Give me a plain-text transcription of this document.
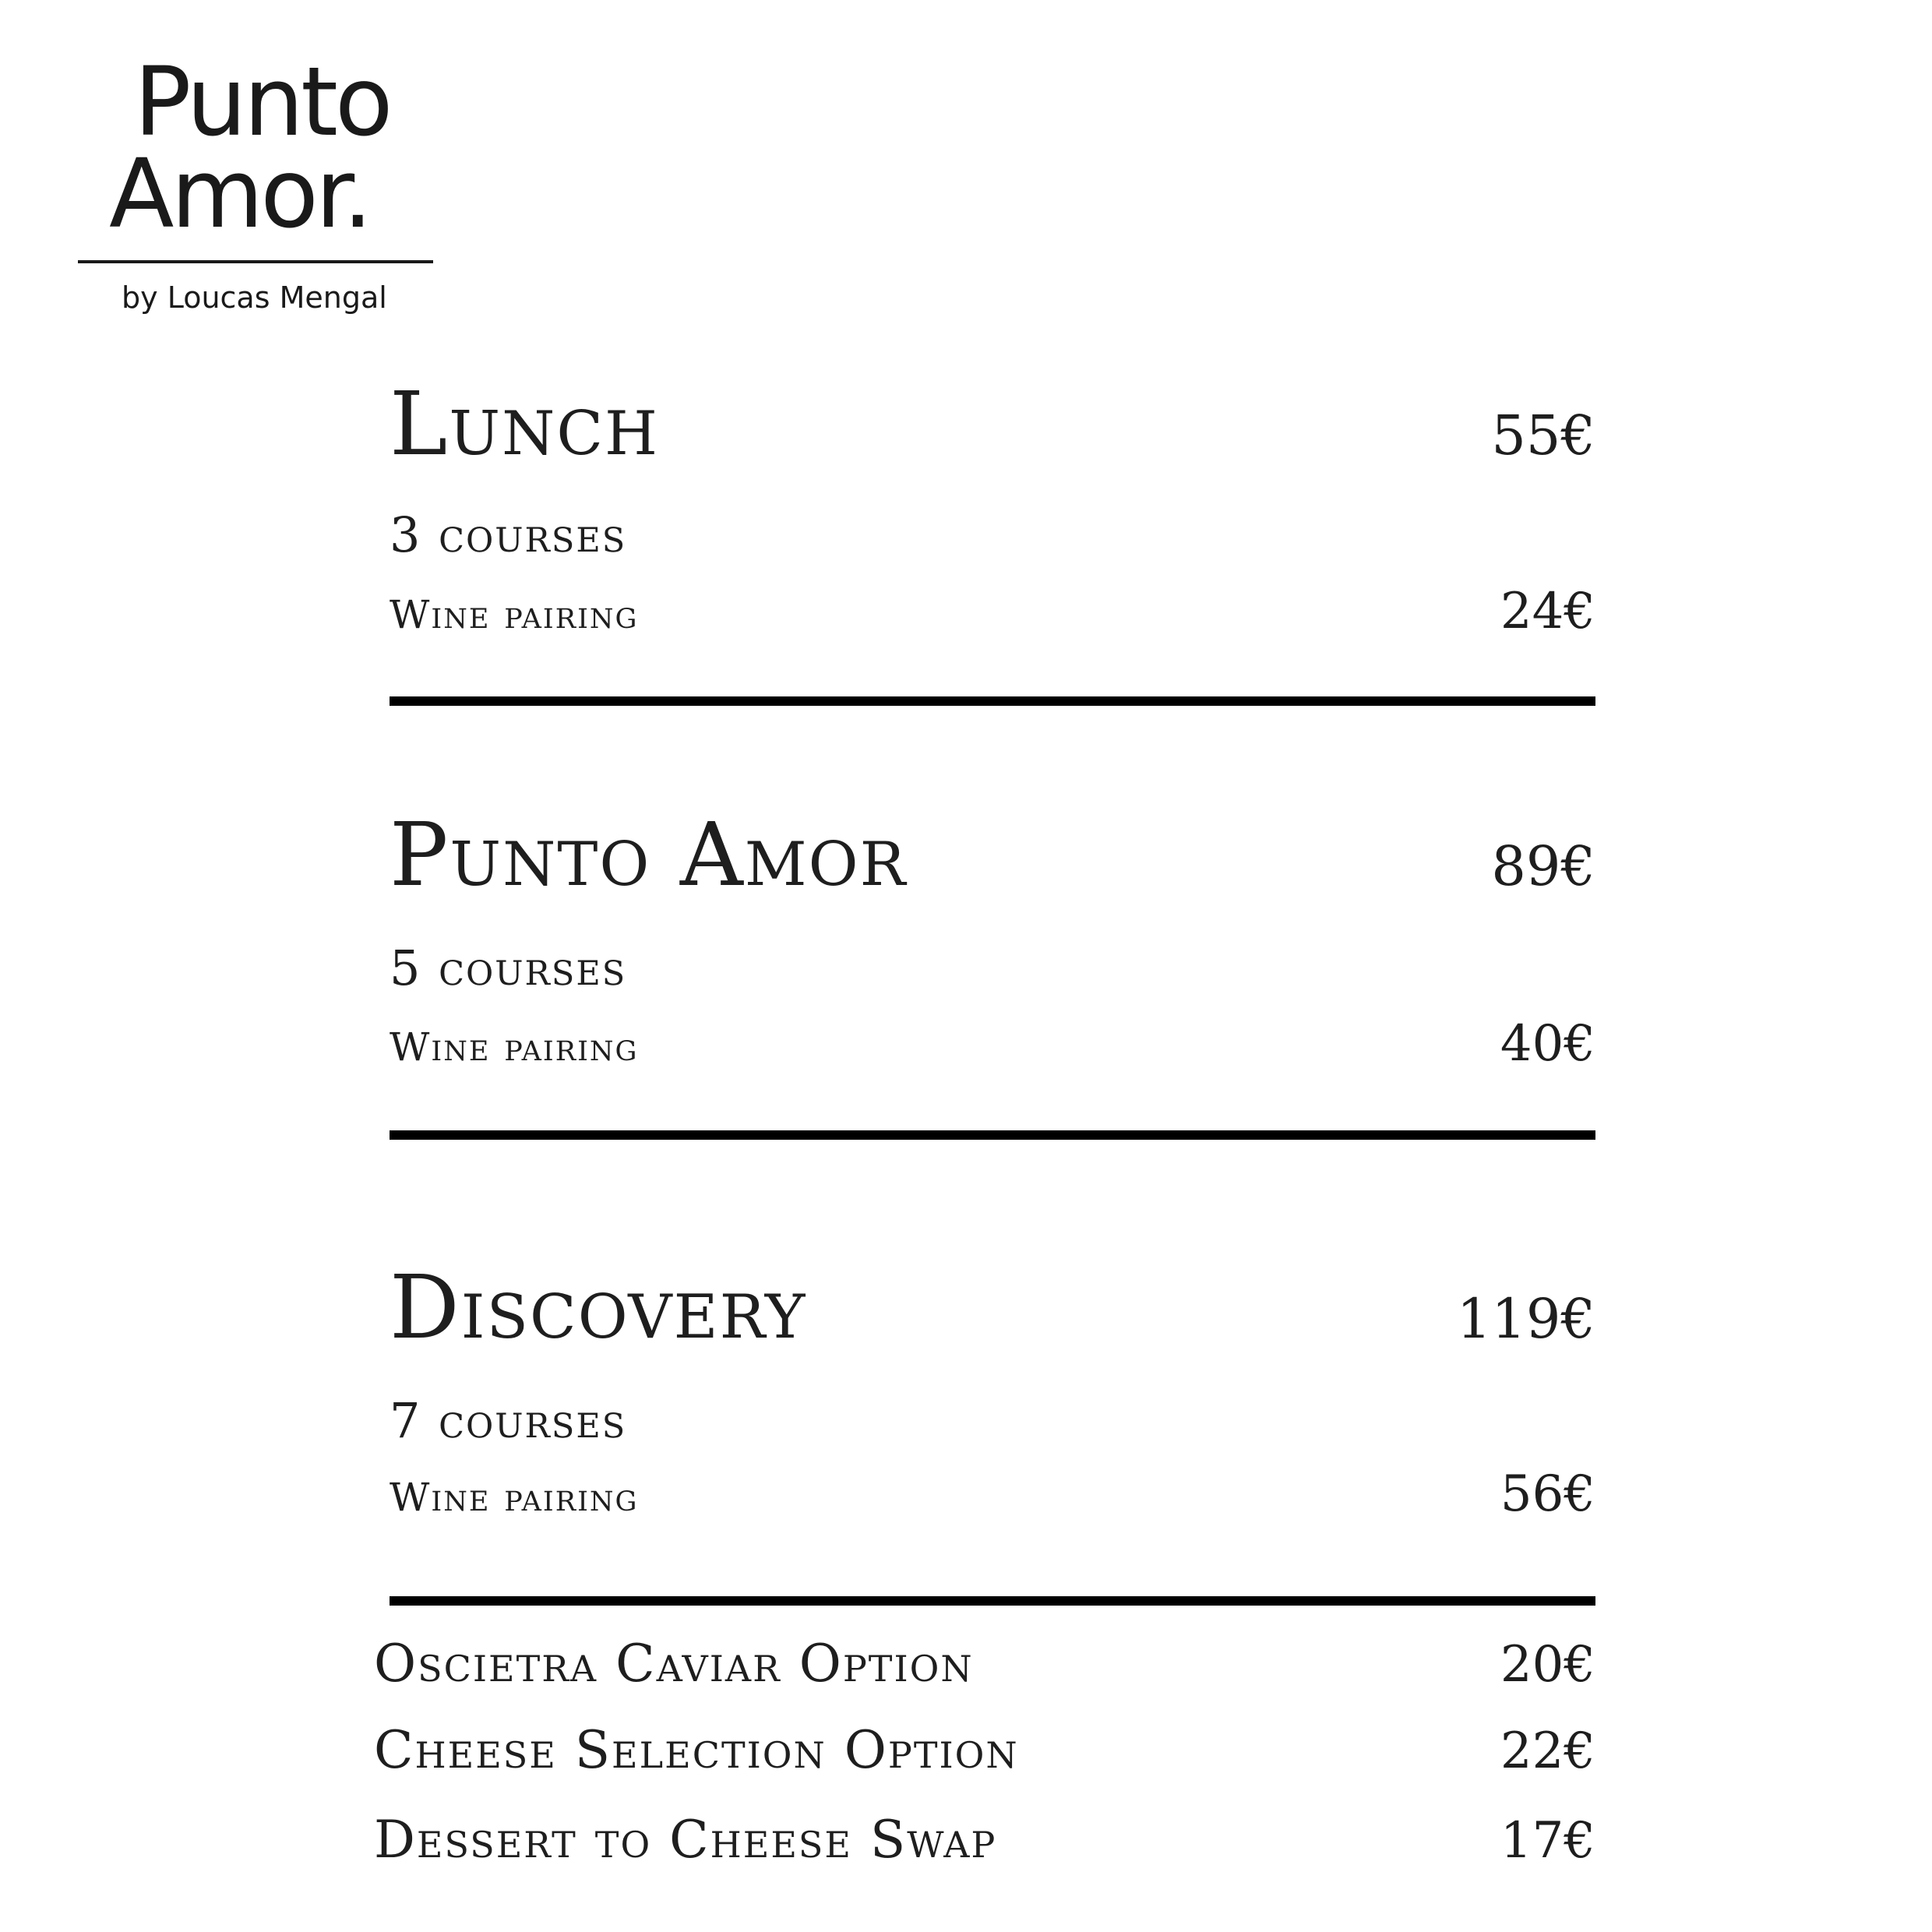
Punto
Amor.
by Loucas Mengal
Lunch	55€
3 courses
Wine pairing	24€
Punto Amor	89€
5 courses
Wine pairing	40€
Discovery	119€
7 courses
Wine pairing	56€
Oscietra Caviar Option	20€
Cheese Selection Option	22€
Dessert to Cheese Swap	17€
